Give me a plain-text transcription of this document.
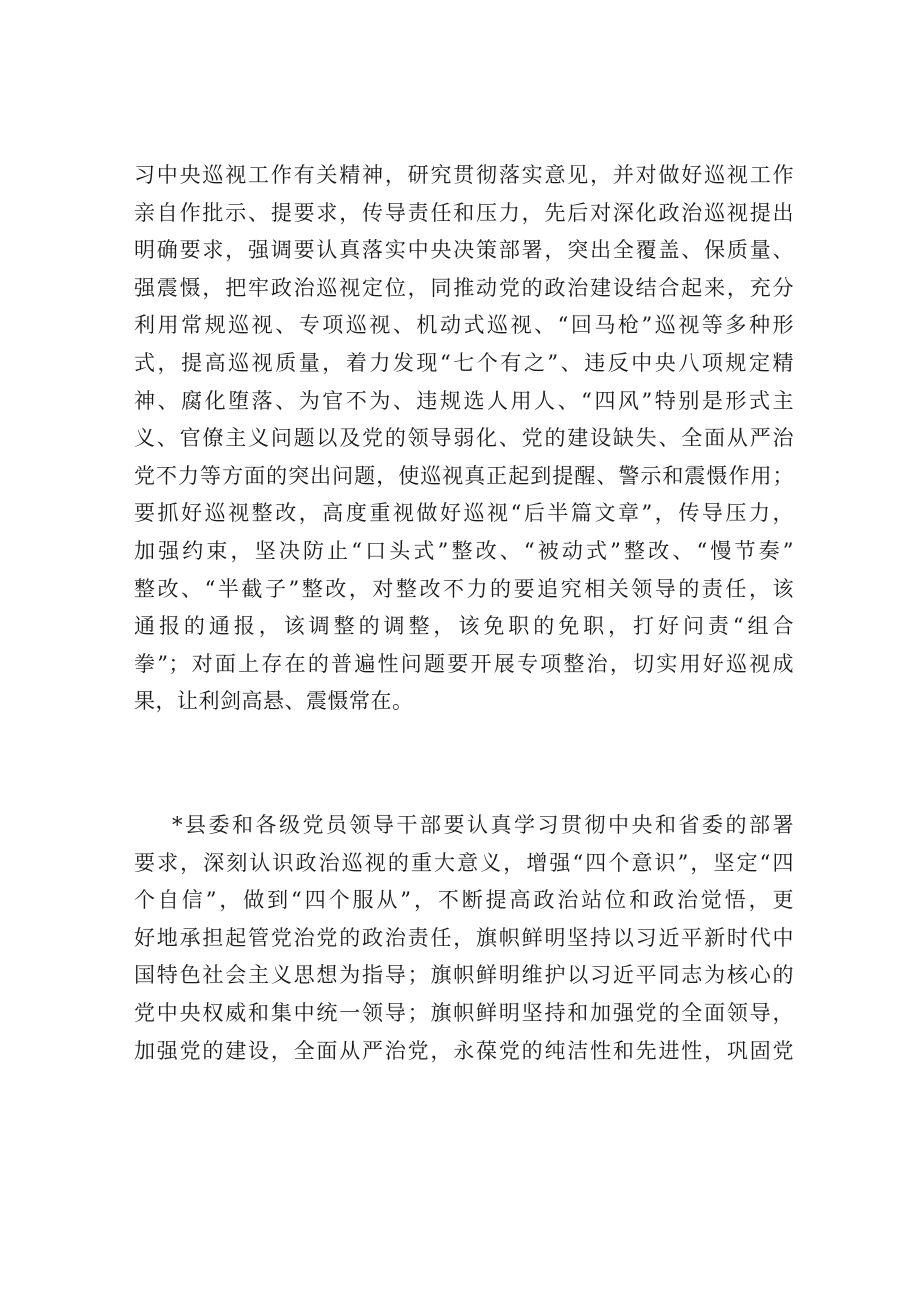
习中央巡视工作有关精神，研究贯彻落实意见，并对做好巡视工作
亲自作批示、提要求，传导责任和压力，先后对深化政治巡视提出
明确要求，强调要认真落实中央决策部署，突出全覆盖、保质量、
强震慑，把牢政治巡视定位，同推动党的政治建设结合起来，充分
利用常规巡视、专项巡视、机动式巡视、“回马枪”巡视等多种形
式，提高巡视质量，着力发现“七个有之”、违反中央八项规定精
神、腐化堕落、为官不为、违规选人用人、“四风”特别是形式主
义、官僚主义问题以及党的领导弱化、党的建设缺失、全面从严治
党不力等方面的突出问题，使巡视真正起到提醒、警示和震慑作用；
要抓好巡视整改，高度重视做好巡视“后半篇文章”，传导压力，
加强约束，坚决防止“口头式”整改、“被动式”整改、“慢节奏”
整改、“半截子”整改，对整改不力的要追究相关领导的责任，该
通报的通报，该调整的调整，该免职的免职，打好问责“组合
拳”；对面上存在的普遍性问题要开展专项整治，切实用好巡视成
果，让利剑高悬、震慑常在。
*县委和各级党员领导干部要认真学习贯彻中央和省委的部署
要求，深刻认识政治巡视的重大意义，增强“四个意识”，坚定“四
个自信”，做到“四个服从”，不断提高政治站位和政治觉悟，更
好地承担起管党治党的政治责任，旗帜鲜明坚持以习近平新时代中
国特色社会主义思想为指导；旗帜鲜明维护以习近平同志为核心的
党中央权威和集中统一领导；旗帜鲜明坚持和加强党的全面领导，
加强党的建设，全面从严治党，永葆党的纯洁性和先进性，巩固党
